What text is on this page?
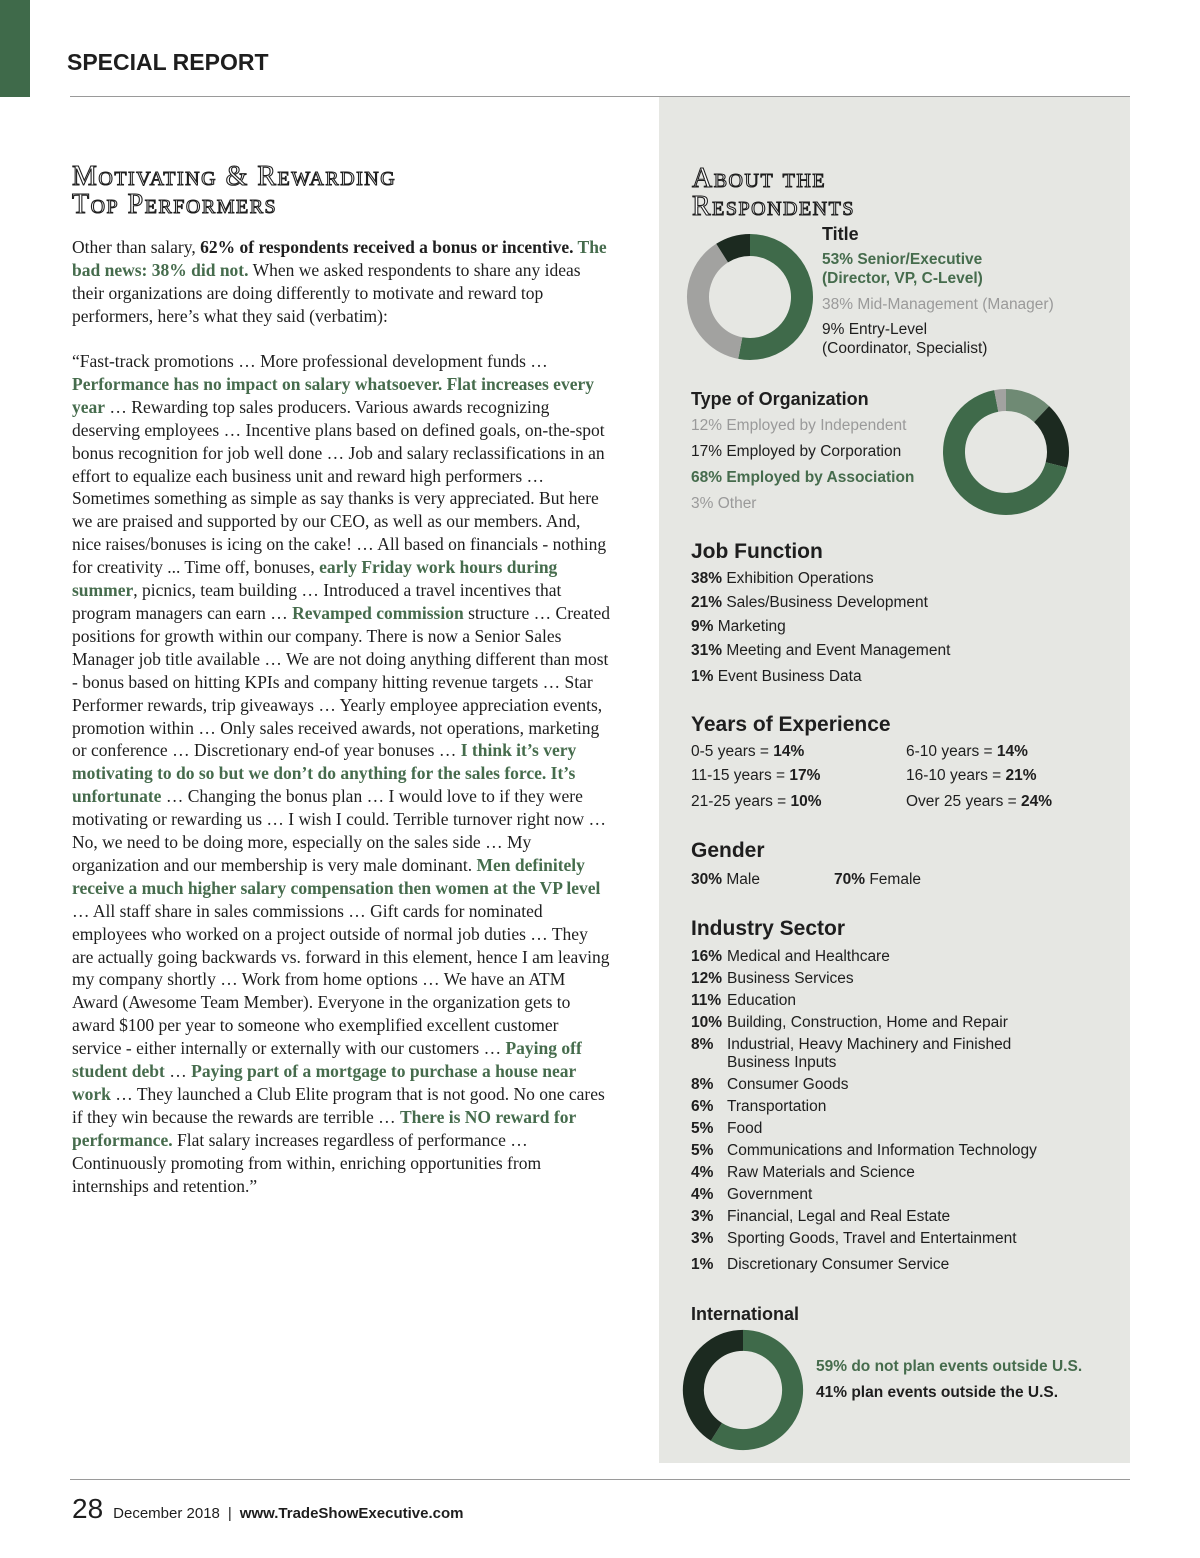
SPECIAL REPORT
Motivating & Rewarding
Top Performers

Other than salary, 62% of respondents received a bonus or incentive. The bad news: 38% did not. When we asked respondents to share any ideas their organizations are doing differently to motivate and reward top performers, here’s what they said (verbatim):

“Fast-track promotions … More professional development funds … Performance has no impact on salary whatsoever. Flat increases every year … Rewarding top sales producers. Various awards recognizing deserving employees … Incentive plans based on defined goals, on-the-spot bonus recognition for job well done … Job and salary reclassifications in an effort to equalize each business unit and reward high performers … Sometimes something as simple as say thanks is very appreciated. But here we are praised and supported by our CEO, as well as our members. And, nice raises/bonuses is icing on the cake! … All based on financials - nothing for creativity ... Time off, bonuses, early Friday work hours during summer, picnics, team building … Introduced a travel incentives that program managers can earn … Revamped commission structure … Created positions for growth within our company. There is now a Senior Sales Manager job title available … We are not doing anything different than most - bonus based on hitting KPIs and company hitting revenue targets … Star Performer rewards, trip giveaways … Yearly employee appreciation events, promotion within … Only sales received awards, not operations, marketing or conference … Discretionary end-of year bonuses … I think it’s very motivating to do so but we don’t do anything for the sales force. It’s unfortunate … Changing the bonus plan … I would love to if they were motivating or rewarding us … I wish I could. Terrible turnover right now … No, we need to be doing more, especially on the sales side … My organization and our membership is very male dominant. Men definitely receive a much higher salary compensation then women at the VP level … All staff share in sales commissions … Gift cards for nominated employees who worked on a project outside of normal job duties … They are actually going backwards vs. forward in this element, hence I am leaving my company shortly … Work from home options … We have an ATM Award (Awesome Team Member). Everyone in the organization gets to award $100 per year to someone who exemplified excellent customer service - either internally or externally with our customers … Paying off student debt … Paying part of a mortgage to purchase a house near work … They launched a Club Elite program that is not good. No one cares if they win because the rewards are terrible … There is NO reward for performance. Flat salary increases regardless of performance … Continuously promoting from within, enriching opportunities from internships and retention.”

About the
Respondents
Title
53% Senior/Executive
(Director, VP, C-Level)
38% Mid-Management (Manager)
9% Entry-Level
(Coordinator, Specialist)
Type of Organization
12% Employed by Independent
17% Employed by Corporation
68% Employed by Association
3% Other
Job Function
38% Exhibition Operations
21% Sales/Business Development
9% Marketing
31% Meeting and Event Management
1% Event Business Data
Years of Experience
0-5 years = 14%	6-10 years = 14%
11-15 years = 17%	16-10 years = 21%
21-25 years = 10%	Over 25 years = 24%
Gender
30% Male	70% Female
Industry Sector
16% Medical and Healthcare
12% Business Services
11% Education
10% Building, Construction, Home and Repair
8% Industrial, Heavy Machinery and Finished Business Inputs
8% Consumer Goods
6% Transportation
5% Food
5% Communications and Information Technology
4% Raw Materials and Science
4% Government
3% Financial, Legal and Real Estate
3% Sporting Goods, Travel and Entertainment
1% Discretionary Consumer Service
International
59% do not plan events outside U.S.
41% plan events outside the U.S.
28 December 2018 | www.TradeShowExecutive.com
